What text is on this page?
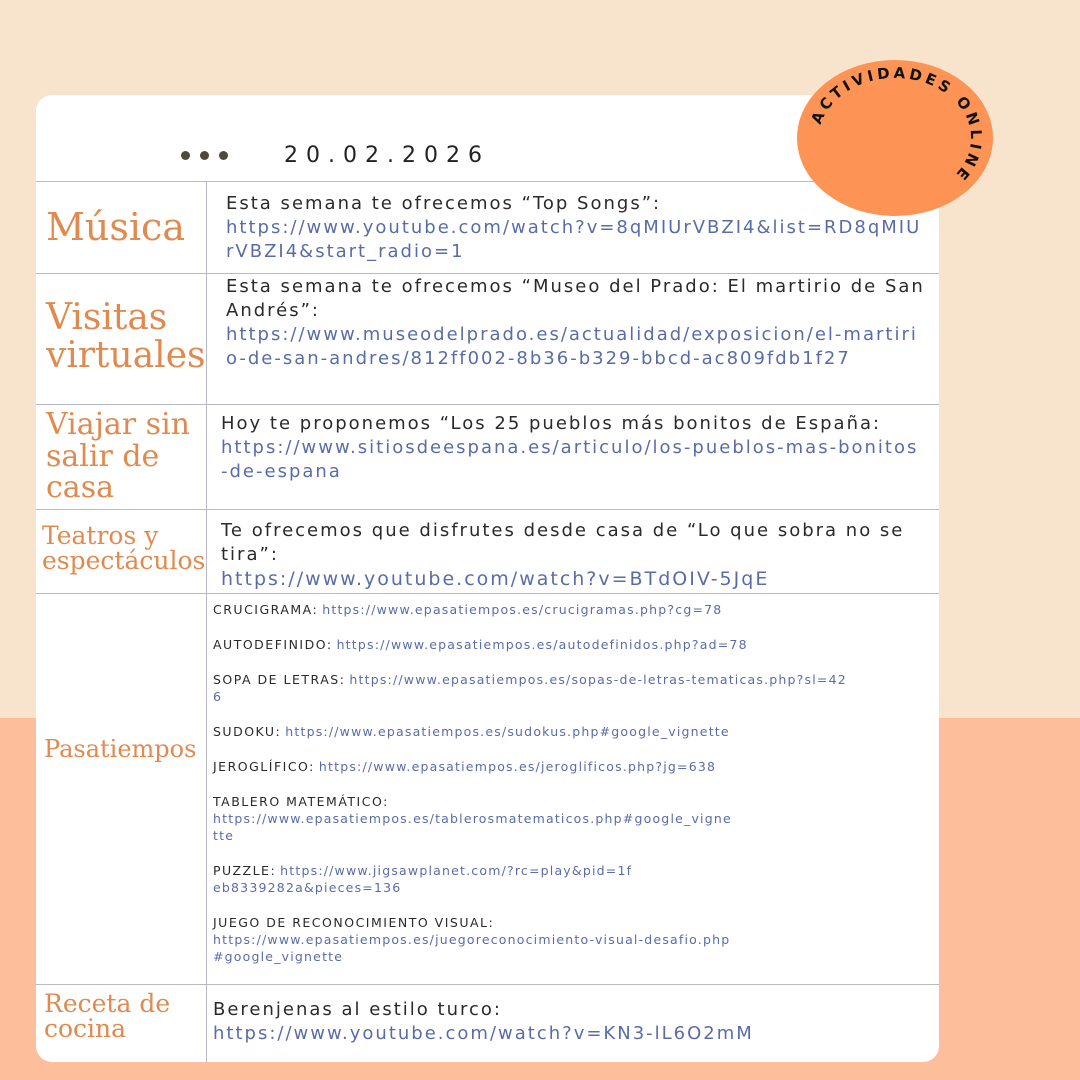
20.02.2026
Música
Esta semana te ofrecemos “Top Songs”:
https://www.youtube.com/watch?v=8qMIUrVBZI4&list=RD8qMIUrVBZI4&start_radio=1
Visitas virtuales
Esta semana te ofrecemos “Museo del Prado: El martirio de San Andrés”:
https://www.museodelprado.es/actualidad/exposicion/el-martirio-de-san-andres/812ff002-8b36-b329-bbcd-ac809fdb1f27
Viajar sin salir de casa
Hoy te proponemos “Los 25 pueblos más bonitos de España:
https://www.sitiosdeespana.es/articulo/los-pueblos-mas-bonitos-de-espana
Teatros y espectáculos
Te ofrecemos que disfrutes desde casa de “Lo que sobra no se tira”:
https://www.youtube.com/watch?v=BTdOIV-5JqE
Pasatiempos
CRUCIGRAMA: https://www.epasatiempos.es/crucigramas.php?cg=78
AUTODEFINIDO: https://www.epasatiempos.es/autodefinidos.php?ad=78
SOPA DE LETRAS: https://www.epasatiempos.es/sopas-de-letras-tematicas.php?sl=426
SUDOKU: https://www.epasatiempos.es/sudokus.php#google_vignette
JEROGLÍFICO: https://www.epasatiempos.es/jeroglificos.php?jg=638
TABLERO MATEMÁTICO:
https://www.epasatiempos.es/tablerosmatematicos.php#google_vignette
PUZZLE: https://www.jigsawplanet.com/?rc=play&pid=1feb8339282a&pieces=136
JUEGO DE RECONOCIMIENTO VISUAL:
https://www.epasatiempos.es/juegoreconocimiento-visual-desafio.php#google_vignette
Receta de cocina
Berenjenas al estilo turco:
https://www.youtube.com/watch?v=KN3-lL6O2mM
ACTIVIDADES ONLINE
